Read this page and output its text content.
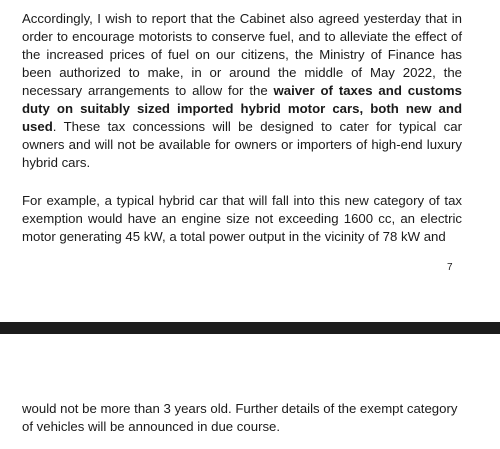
Accordingly, I wish to report that the Cabinet also agreed yesterday that in order to encourage motorists to conserve fuel, and to alleviate the effect of the increased prices of fuel on our citizens, the Ministry of Finance has been authorized to make, in or around the middle of May 2022, the necessary arrangements to allow for the waiver of taxes and customs duty on suitably sized imported hybrid motor cars, both new and used. These tax concessions will be designed to cater for typical car owners and will not be available for owners or importers of high-end luxury hybrid cars.

For example, a typical hybrid car that will fall into this new category of tax exemption would have an engine size not exceeding 1600 cc, an electric motor generating 45 kW, a total power output in the vicinity of 78 kW and

7

would not be more than 3 years old. Further details of the exempt category of vehicles will be announced in due course.
